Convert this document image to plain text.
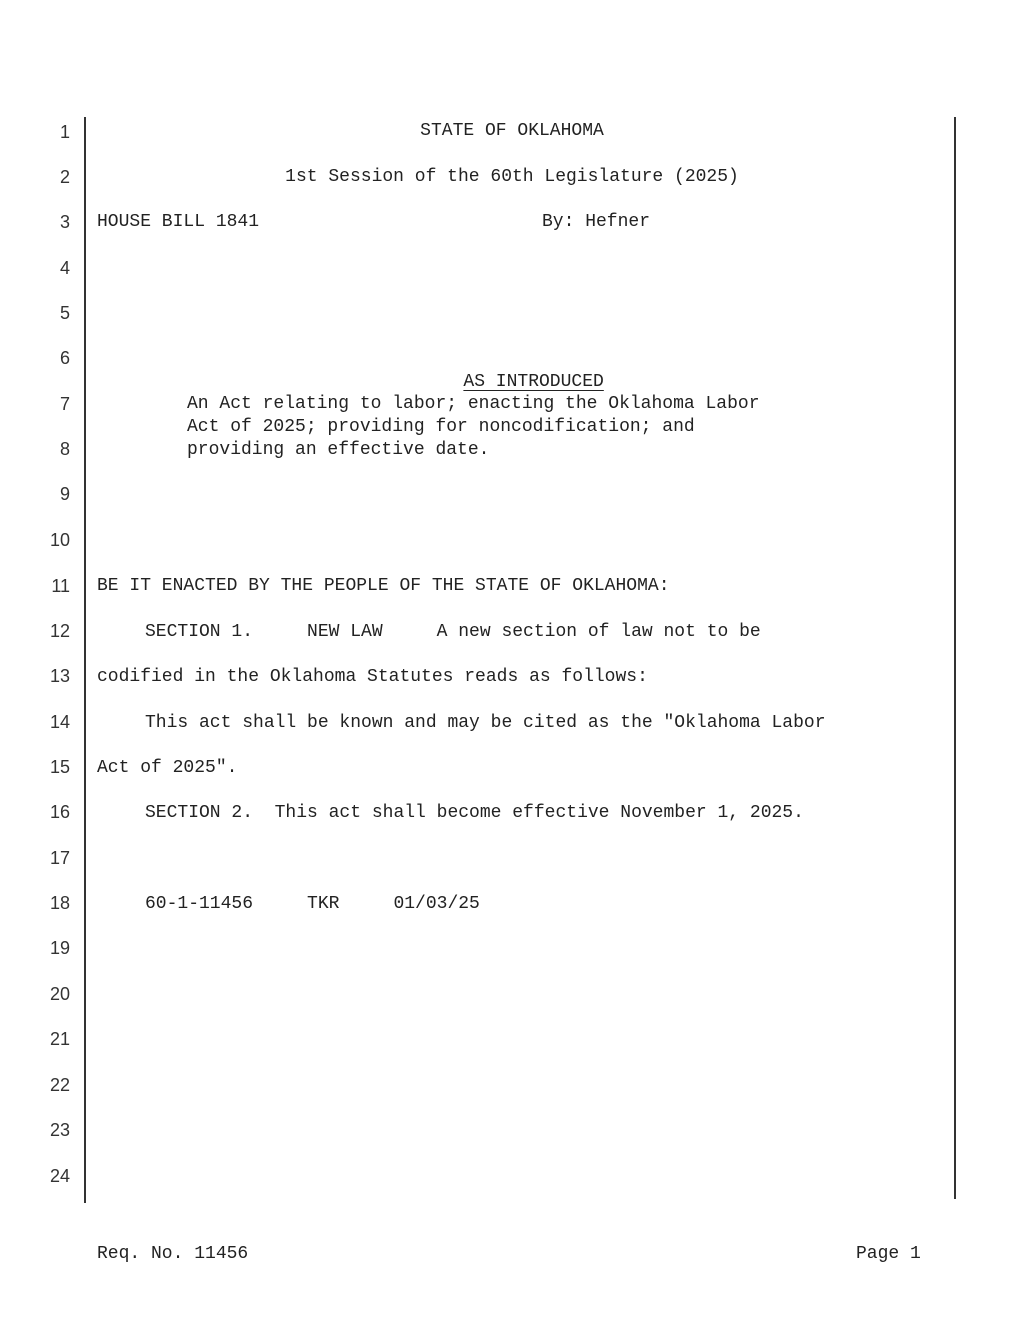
1
2
3
4
5
6
7
8
9
10
11
12
13
14
15
16
17
18
19
20
21
22
23
24
STATE OF OKLAHOMA
1st Session of the 60th Legislature (2025)
HOUSE BILL 1841	By: Hefner

AS INTRODUCED

An Act relating to labor; enacting the Oklahoma Labor
Act of 2025; providing for noncodification; and
providing an effective date.
BE IT ENACTED BY THE PEOPLE OF THE STATE OF OKLAHOMA:
SECTION 1.     NEW LAW     A new section of law not to be
codified in the Oklahoma Statutes reads as follows:
This act shall be known and may be cited as the "Oklahoma Labor
Act of 2025".
SECTION 2.  This act shall become effective November 1, 2025.
60-1-11456     TKR     01/03/25
Req. No. 11456	Page 1
